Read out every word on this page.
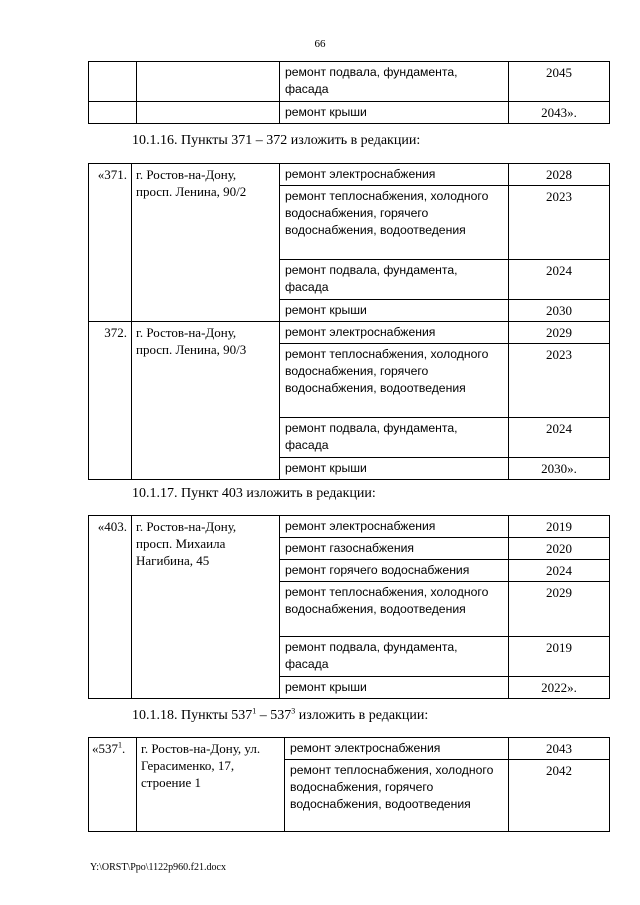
66
		ремонт подвала, фундамента, фасада	2045
		ремонт крыши	2043».
10.1.16. Пункты 371 – 372 изложить в редакции:
«371.	г. Ростов-на-Дону, просп. Ленина, 90/2	ремонт электроснабжения	2028
		ремонт теплоснабжения, холодного водоснабжения, горячего водоснабжения, водоотведения	2023
		ремонт подвала, фундамента, фасада	2024
		ремонт крыши	2030
372.	г. Ростов-на-Дону, просп. Ленина, 90/3	ремонт электроснабжения	2029
		ремонт теплоснабжения, холодного водоснабжения, горячего водоснабжения, водоотведения	2023
		ремонт подвала, фундамента, фасада	2024
		ремонт крыши	2030».
10.1.17. Пункт 403 изложить в редакции:
«403.	г. Ростов-на-Дону, просп. Михаила Нагибина, 45	ремонт электроснабжения	2019
		ремонт газоснабжения	2020
		ремонт горячего водоснабжения	2024
		ремонт теплоснабжения, холодного водоснабжения, водоотведения	2029
		ремонт подвала, фундамента, фасада	2019
		ремонт крыши	2022».
10.1.18. Пункты $537^1 - 537^3$ изложить в редакции:
«$537^1$.	г. Ростов-на-Дону, ул. Герасименко, 17, строение 1	ремонт электроснабжения	2043
		ремонт теплоснабжения, холодного водоснабжения, горячего водоснабжения, водоотведения	2042
Y:\ORST\Ppo\1122p960.f21.docx
